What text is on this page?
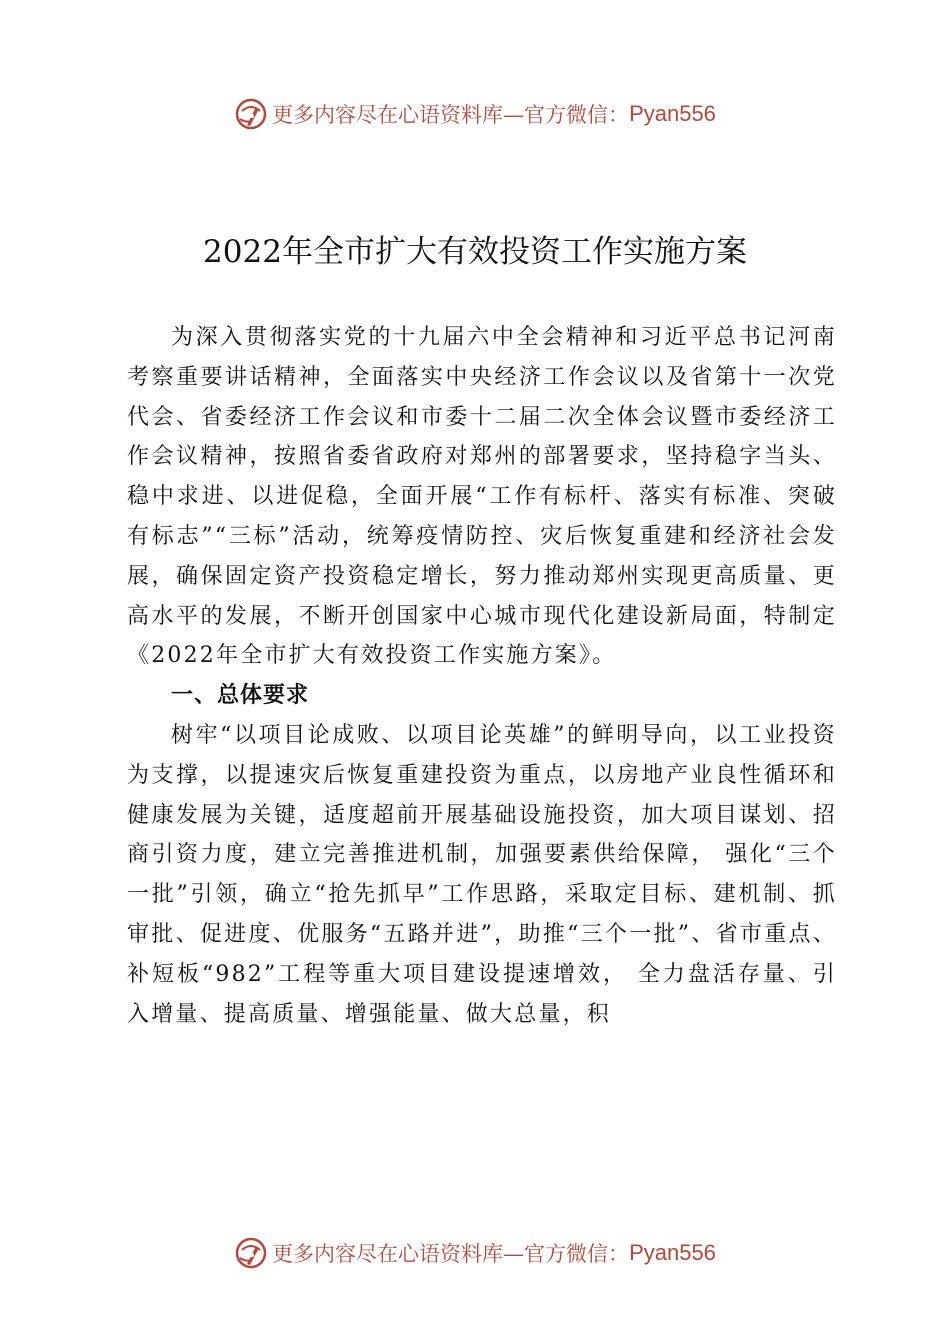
更多内容尽在心语资料库—官方微信： Pyan556
2022年全市扩大有效投资工作实施方案

为深入贯彻落实党的十九届六中全会精神和习近平总书记河南考察重要讲话精神，全面落实中央经济工作会议以及省第十一次党代会、省委经济工作会议和市委十二届二次全体会议暨市委经济工作会议精神，按照省委省政府对郑州的部署要求，坚持稳字当头、稳中求进、以进促稳，全面开展“工作有标杆、落实有标准、突破有标志”“三标”活动，统筹疫情防控、灾后恢复重建和经济社会发展，确保固定资产投资稳定增长，努力推动郑州实现更高质量、更高水平的发展，不断开创国家中心城市现代化建设新局面，特制定《2022年全市扩大有效投资工作实施方案》。

一、总体要求

树牢“以项目论成败、以项目论英雄”的鲜明导向，以工业投资为支撑，以提速灾后恢复重建投资为重点，以房地产业良性循环和健康发展为关键，适度超前开展基础设施投资，加大项目谋划、招商引资力度，建立完善推进机制，加强要素供给保障， 强化“三个一批”引领，确立“抢先抓早”工作思路，采取定目标、建机制、抓审批、促进度、优服务“五路并进”，助推“三个一批”、省市重点、补短板“982”工程等重大项目建设提速增效， 全力盘活存量、引入增量、提高质量、增强能量、做大总量，积

更多内容尽在心语资料库—官方微信： Pyan556
